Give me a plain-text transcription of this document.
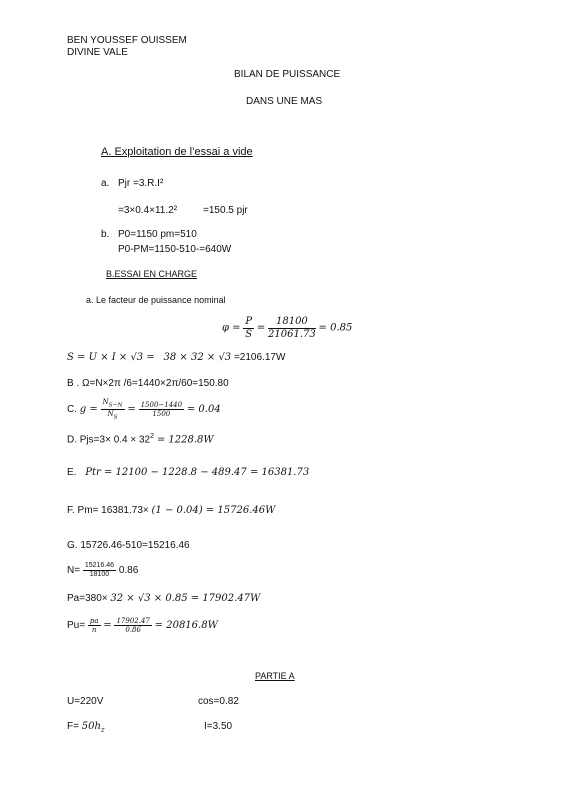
BEN YOUSSEF OUISSEM
DIVINE VALE
BILAN DE PUISSANCE
DANS UNE MAS
A. Exploitation de l’essai a vide
a. Pjr =3.R.I²
=3×0.4×11.2²	=150.5 pjr
b. P0=1150 pm=510
P0-PM=1150-510-=640W
B.ESSAI EN CHARGE
a. Le facteur de puissance nominal
$\varphi = \frac{P}{S} = \frac{18100}{21061.73} = 0.85$
S = U × I × √3 = 38 × 32 × √3 =2106.17W
B . Ω=N×2π /6=1440×2π/60=150.80
C. $g = \frac{N_{S-N}}{N_S} = \frac{1500-1440}{1500} = 0.04$
D. $Pjs=3\times 0.4 \times 32^2 = 1228.8W$
E. Ptr = 12100 − 1228.8 − 489.47 = 16381.73
F. Pm= 16381.73× (1 − 0.04) = 15726.46W
G. 15726.46-510=15216.46
$N= \frac{15216.46}{18100} 0.86$
Pa=380× 32 × √3 × 0.85 = 17902.47W
$Pu= \frac{pa}{n} = \frac{17902.47}{0.86} = 20816.8W$
PARTIE A
U=220V	cos=0.82
$F= 50h_z$	I=3.50
